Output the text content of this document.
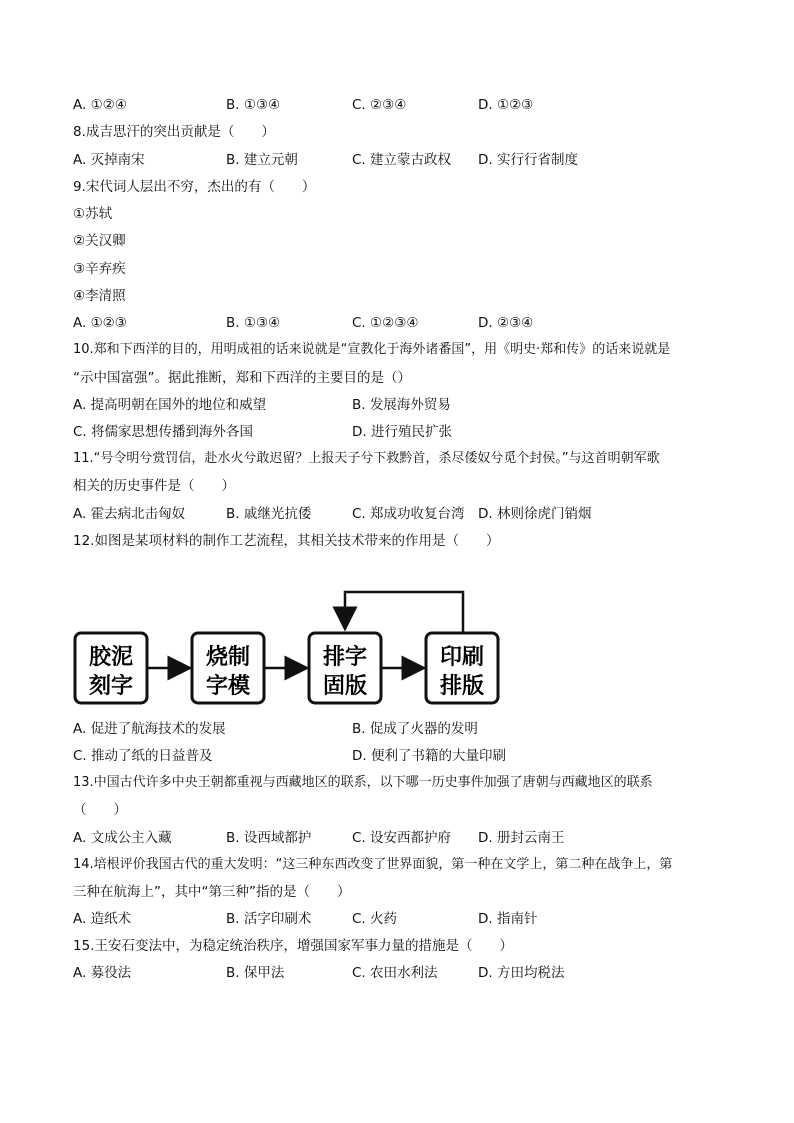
A. ①②④	B. ①③④	C. ②③④	D. ①②③
8.成吉思汗的突出贡献是（　　）
A. 灭掉南宋	B. 建立元朝	C. 建立蒙古政权 D. 实行行省制度
9.宋代词人层出不穷，杰出的有（　　）
①苏轼
②关汉卿
③辛弃疾
④李清照
A. ①②③	B. ①③④	C. ①②③④	D. ②③④
10.郑和下西洋的目的，用明成祖的话来说就是“宣教化于海外诸番国”，用《明史·郑和传》的话来说就是
“示中国富强”。据此推断，郑和下西洋的主要目的是（）
A. 提高明朝在国外的地位和威望	B. 发展海外贸易
C. 将儒家思想传播到海外各国	D. 进行殖民扩张
11.“号令明兮赏罚信，赴水火兮敢迟留？上报天子兮下救黔首，杀尽倭奴兮觅个封侯。”与这首明朝军歌
相关的历史事件是（　　）
A. 霍去病北击匈奴	B. 戚继光抗倭	C. 郑成功收复台湾 D. 林则徐虎门销烟
12.如图是某项材料的制作工艺流程，其相关技术带来的作用是（　　）
胶泥
刻字
烧制
字模
排字
固版
印刷
排版
A. 促进了航海技术的发展	B. 促成了火器的发明
C. 推动了纸的日益普及	D. 便利了书籍的大量印刷
13.中国古代许多中央王朝都重视与西藏地区的联系，以下哪一历史事件加强了唐朝与西藏地区的联系
（　　）
A. 文成公主入藏	B. 设西域都护	C. 设安西都护府 D. 册封云南王
14.培根评价我国古代的重大发明：“这三种东西改变了世界面貌，第一种在文学上，第二种在战争上，第
三种在航海上”，其中“第三种”指的是（　　）
A. 造纸术	B. 活字印刷术	C. 火药	D. 指南针
15.王安石变法中，为稳定统治秩序，增强国家军事力量的措施是（　　）
A. 募役法	B. 保甲法	C. 农田水利法	D. 方田均税法
